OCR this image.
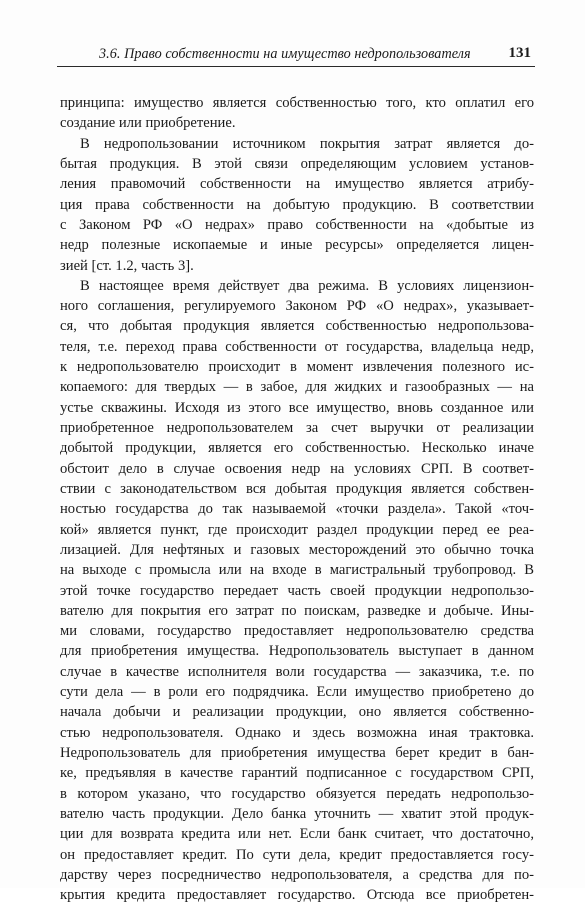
3.6. Право собственности на имущество недропользователя	131
принципа: имущество является собственностью того, кто оплатил его
создание или приобретение.
В недропользовании источником покрытия затрат является до-
бытая продукция. В этой связи определяющим условием установ-
ления правомочий собственности на имущество является атрибу-
ция права собственности на добытую продукцию. В соответствии
с Законом РФ «О недрах» право собственности на «добытые из
недр полезные ископаемые и иные ресурсы» определяется лицен-
зией [ст. 1.2, часть 3].
В настоящее время действует два режима. В условиях лицензион-
ного соглашения, регулируемого Законом РФ «О недрах», указывает-
ся, что добытая продукция является собственностью недропользова-
теля, т.е. переход права собственности от государства, владельца недр,
к недропользователю происходит в момент извлечения полезного ис-
копаемого: для твердых — в забое, для жидких и газообразных — на
устье скважины. Исходя из этого все имущество, вновь созданное или
приобретенное недропользователем за счет выручки от реализации
добытой продукции, является его собственностью. Несколько иначе
обстоит дело в случае освоения недр на условиях СРП. В соответ-
ствии с законодательством вся добытая продукция является собствен-
ностью государства до так называемой «точки раздела». Такой «точ-
кой» является пункт, где происходит раздел продукции перед ее реа-
лизацией. Для нефтяных и газовых месторождений это обычно точка
на выходе с промысла или на входе в магистральный трубопровод. В
этой точке государство передает часть своей продукции недропользо-
вателю для покрытия его затрат по поискам, разведке и добыче. Ины-
ми словами, государство предоставляет недропользователю средства
для приобретения имущества. Недропользователь выступает в данном
случае в качестве исполнителя воли государства — заказчика, т.е. по
сути дела — в роли его подрядчика. Если имущество приобретено до
начала добычи и реализации продукции, оно является собственно-
стью недропользователя. Однако и здесь возможна иная трактовка.
Недропользователь для приобретения имущества берет кредит в бан-
ке, предъявляя в качестве гарантий подписанное с государством СРП,
в котором указано, что государство обязуется передать недропользо-
вателю часть продукции. Дело банка уточнить — хватит этой продук-
ции для возврата кредита или нет. Если банк считает, что достаточно,
он предоставляет кредит. По сути дела, кредит предоставляется госу-
дарству через посредничество недропользователя, а средства для по-
крытия кредита предоставляет государство. Отсюда все приобретен-
